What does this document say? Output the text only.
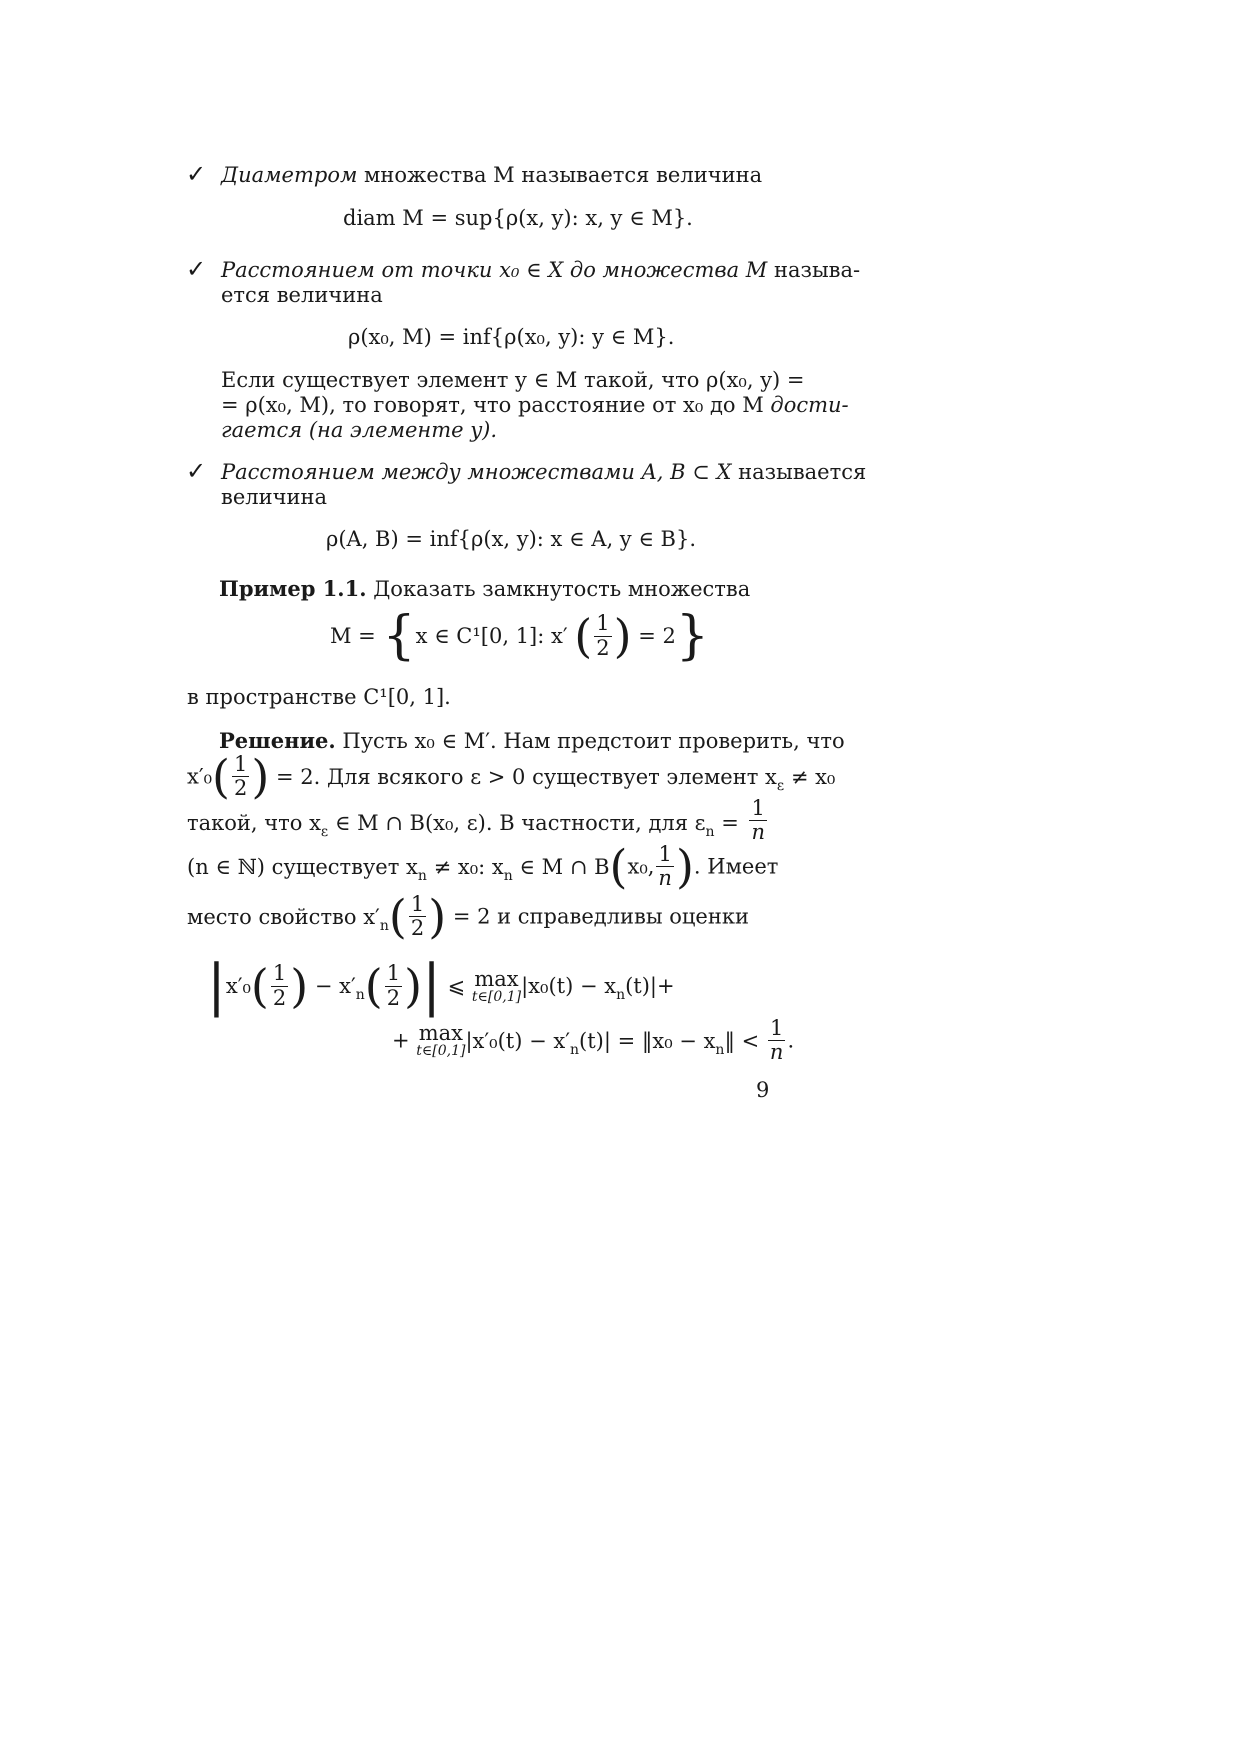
✓ Диаметром множества M называется величина
diam M = sup{ρ(x, y): x, y ∈ M}.
✓ Расстоянием от точки x₀ ∈ X до множества M называ-
ется величина
ρ(x₀, M) = inf{ρ(x₀, y): y ∈ M}.
Если существует элемент y ∈ M такой, что ρ(x₀, y) =
= ρ(x₀, M), то говорят, что расстояние от x₀ до M дости-
гается (на элементе y).
✓ Расстоянием между множествами A, B ⊂ X называется
величина
ρ(A, B) = inf{ρ(x, y): x ∈ A, y ∈ B}.
Пример 1.1. Доказать замкнутость множества
M = {x ∈ C¹[0, 1]: x′ ( $\frac{1}{2}$ ) = 2}
в пространстве C¹[0, 1].
Решение. Пусть x₀ ∈ M′. Нам предстоит проверить, что
$x'_0( \frac{1}{2}$ ) = 2. Для всякого ε > 0 существует элемент $x_\varepsilon \ne x_0$
такой, что $x_\varepsilon$ ∈ M ∩ B(x₀, ε). В частности, для $\varepsilon_n = \frac{1}{n}$
(n ∈ ℕ) существует $x_n \ne x_0$: $x_n$ ∈ M ∩ B(x₀, $\frac{1}{n}$ ). Имеет
место свойство $x'_n( \frac{1}{2}$ ) = 2 и справедливы оценки
$|x'_0( \frac{1}{2}$ ) − $x'_n( \frac{1}{2}$ )| ⩽ max
t∈[0,1] $|x_0(t) - x_n(t)|+$
+ max
t∈[0,1] $|x'_0(t) - x'_n(t)|$ = ‖x₀ − $x_n‖ < \frac{1}{n}$ .
9
